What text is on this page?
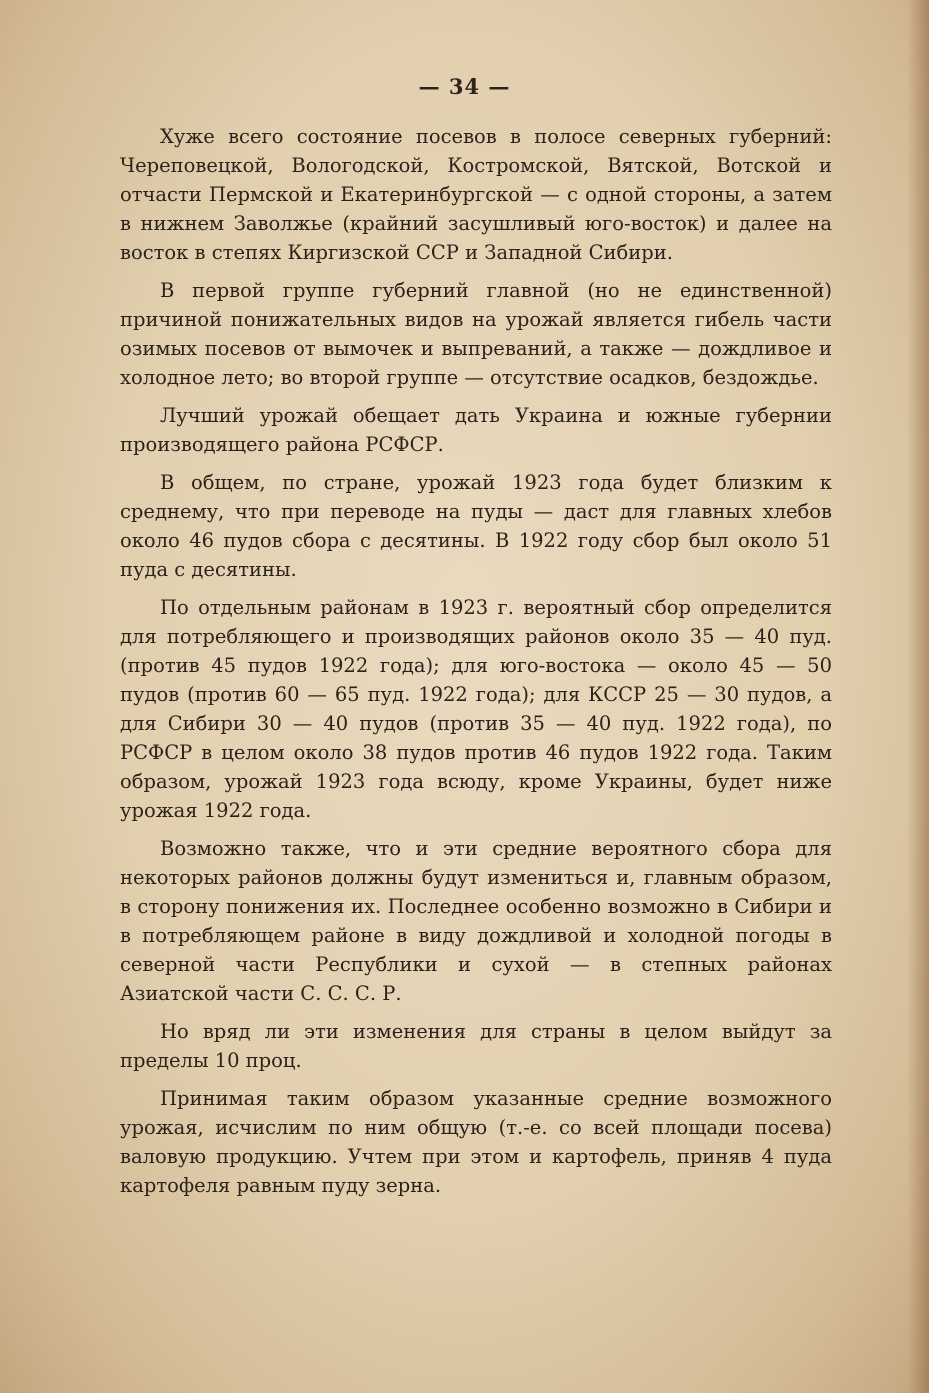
— 34 —

Хуже всего состояние посевов в полосе северных губерний: Череповецкой, Вологодской, Костромской, Вятской, Вотской и отчасти Пермской и Екатеринбургской — с одной стороны, а затем в нижнем Заволжье (крайний засушливый юго-восток) и далее на восток в степях Киргизской ССР и Западной Сибири.

В первой группе губерний главной (но не единственной) причиной понижательных видов на урожай является гибель части озимых посевов от вымочек и выпреваний, а также — дождливое и холодное лето; во второй группе — отсутствие осадков, бездождье.

Лучший урожай обещает дать Украина и южные губернии производящего района РСФСР.

В общем, по стране, урожай 1923 года будет близким к среднему, что при переводе на пуды — даст для главных хлебов около 46 пудов сбора с десятины. В 1922 году сбор был около 51 пуда с десятины.

По отдельным районам в 1923 г. вероятный сбор определится для потребляющего и производящих районов около 35 — 40 пуд. (против 45 пудов 1922 года); для юго-востока — около 45 — 50 пудов (против 60 — 65 пуд. 1922 года); для КССР 25 — 30 пудов, а для Сибири 30 — 40 пудов (против 35 — 40 пуд. 1922 года), по РСФСР в целом около 38 пудов против 46 пудов 1922 года. Таким образом, урожай 1923 года всюду, кроме Украины, будет ниже урожая 1922 года.

Возможно также, что и эти средние вероятного сбора для некоторых районов должны будут измениться и, главным образом, в сторону понижения их. Последнее особенно возможно в Сибири и в потребляющем районе в виду дождливой и холодной погоды в северной части Республики и сухой — в степных районах Азиатской части С. С. С. Р.

Но вряд ли эти изменения для страны в целом выйдут за пределы 10 проц.

Принимая таким образом указанные средние возможного урожая, исчислим по ним общую (т.-е. со всей площади посева) валовую продукцию. Учтем при этом и картофель, приняв 4 пуда картофеля равным пуду зерна.
